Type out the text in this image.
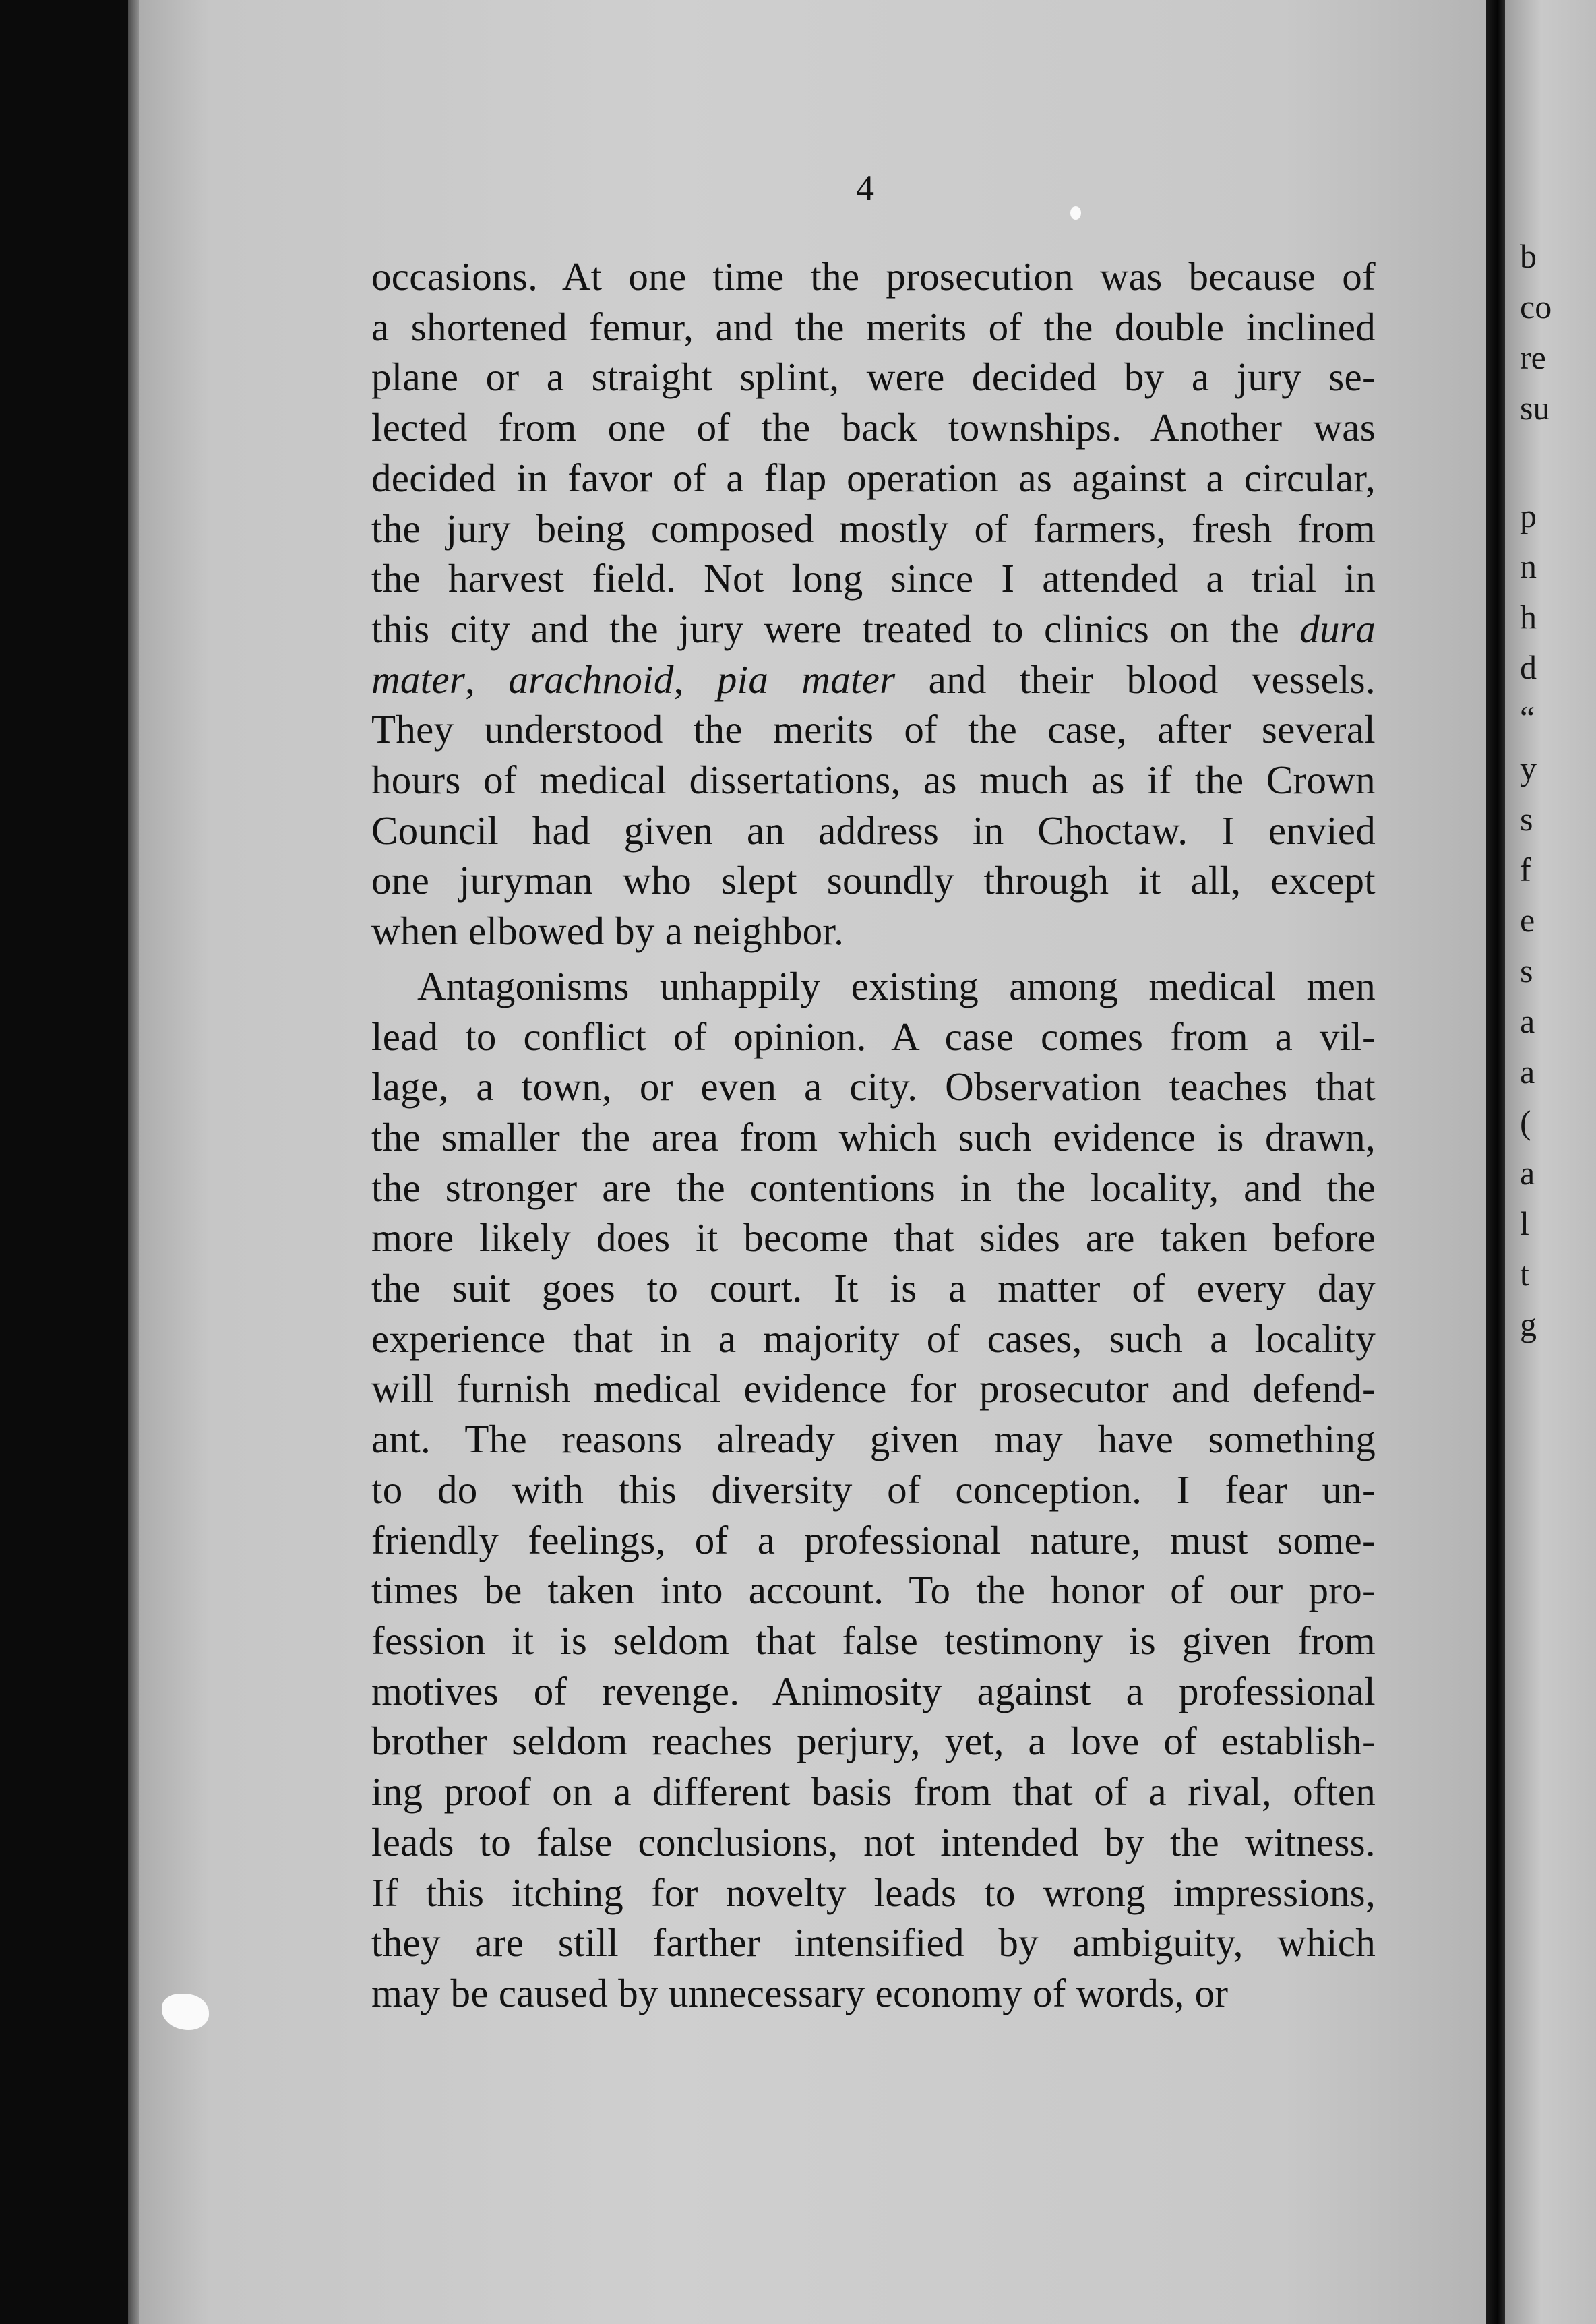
b
co
re
su
p
n
h
d
“
y
s
f
e
s
a
a
(
a
l
t
g
4
occasions. At one time the prosecution was because of
a shortened femur, and the merits of the double inclined
plane or a straight splint, were decided by a jury se-
lected from one of the back townships. Another was
decided in favor of a flap operation as against a circular,
the jury being composed mostly of farmers, fresh from
the harvest field. Not long since I attended a trial in
this city and the jury were treated to clinics on the dura
mater, arachnoid, pia mater and their blood vessels.
They understood the merits of the case, after several
hours of medical dissertations, as much as if the Crown
Council had given an address in Choctaw. I envied
one juryman who slept soundly through it all, except
when elbowed by a neighbor.
Antagonisms unhappily existing among medical men
lead to conflict of opinion. A case comes from a vil-
lage, a town, or even a city. Observation teaches that
the smaller the area from which such evidence is drawn,
the stronger are the contentions in the locality, and the
more likely does it become that sides are taken before
the suit goes to court. It is a matter of every day
experience that in a majority of cases, such a locality
will furnish medical evidence for prosecutor and defend-
ant. The reasons already given may have something
to do with this diversity of conception. I fear un-
friendly feelings, of a professional nature, must some-
times be taken into account. To the honor of our pro-
fession it is seldom that false testimony is given from
motives of revenge. Animosity against a professional
brother seldom reaches perjury, yet, a love of establish-
ing proof on a different basis from that of a rival, often
leads to false conclusions, not intended by the witness.
If this itching for novelty leads to wrong impressions,
they are still farther intensified by ambiguity, which
may be caused by unnecessary economy of words, or
